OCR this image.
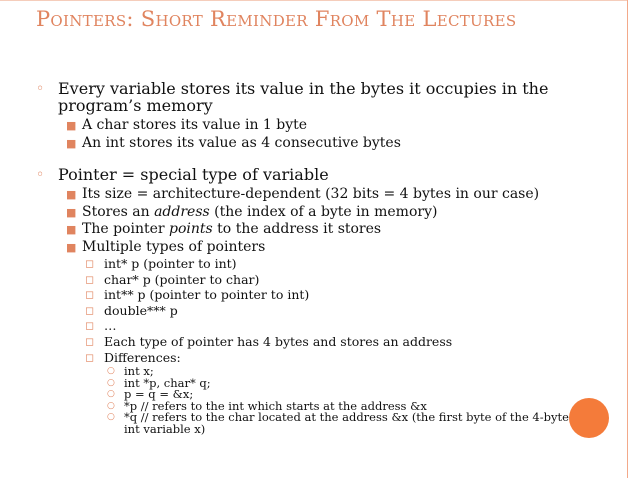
Pointers: Short Reminder From The Lectures
◦ Every variable stores its value in the bytes it occupies in the program’s memory
■ A char stores its value in 1 byte
■ An int stores its value as 4 consecutive bytes
◦ Pointer = special type of variable
■ Its size = architecture-dependent (32 bits = 4 bytes in our case)
■ Stores an address (the index of a byte in memory)
■ The pointer points to the address it stores
■ Multiple types of pointers
◻ int* p (pointer to int)
◻ char* p (pointer to char)
◻ int** p (pointer to pointer to int)
◻ double*** p
◻ …
◻ Each type of pointer has 4 bytes and stores an address
◻ Differences:
○ int x;
○ int *p, char* q;
○ p = q = &x;
○ *p // refers to the int which starts at the address &x
○ *q // refers to the char located at the address &x (the first byte of the 4-byte int variable x)
